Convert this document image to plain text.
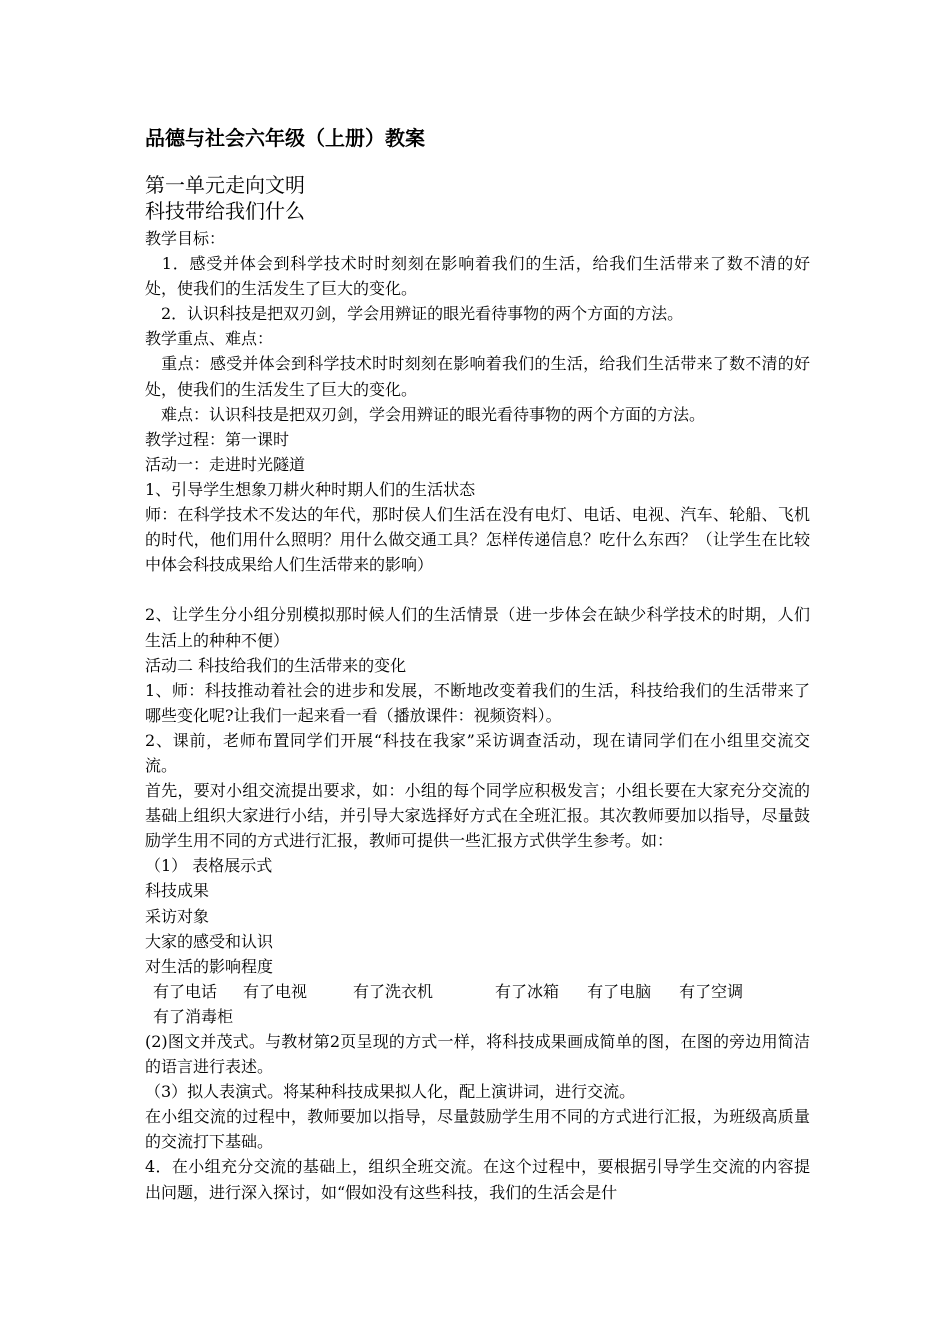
品德与社会六年级（上册）教案
第一单元走向文明
科技带给我们什么

教学目标：

　1．感受并体会到科学技术时时刻刻在影响着我们的生活，给我们生活带来了数不清的好处，使我们的生活发生了巨大的变化。

　2．认识科技是把双刃剑，学会用辨证的眼光看待事物的两个方面的方法。

教学重点、难点：

　重点：感受并体会到科学技术时时刻刻在影响着我们的生活，给我们生活带来了数不清的好处，使我们的生活发生了巨大的变化。

　难点：认识科技是把双刃剑，学会用辨证的眼光看待事物的两个方面的方法。

教学过程：第一课时

活动一：走进时光隧道

1、引导学生想象刀耕火种时期人们的生活状态

师：在科学技术不发达的年代，那时侯人们生活在没有电灯、电话、电视、汽车、轮船、飞机的时代，他们用什么照明？用什么做交通工具？怎样传递信息？吃什么东西？（让学生在比较中体会科技成果给人们生活带来的影响）

2、让学生分小组分别模拟那时候人们的生活情景（进一步体会在缺少科学技术的时期，人们生活上的种种不便）

活动二 科技给我们的生活带来的变化

1、师：科技推动着社会的进步和发展，不断地改变着我们的生活，科技给我们的生活带来了哪些变化呢?让我们一起来看一看（播放课件：视频资料）。

2、课前，老师布置同学们开展“科技在我家”采访调查活动，现在请同学们在小组里交流交流。

首先，要对小组交流提出要求，如：小组的每个同学应积极发言；小组长要在大家充分交流的基础上组织大家进行小结，并引导大家选择好方式在全班汇报。其次教师要加以指导，尽量鼓励学生用不同的方式进行汇报，教师可提供一些汇报方式供学生参考。如：

（1） 表格展示式

科技成果

采访对象

大家的感受和认识

对生活的影响程度

有了电话	有了电视	有了洗衣机	有了冰箱	有了电脑	有了空调
有了消毒柜

(2)图文并茂式。与教材第2页呈现的方式一样，将科技成果画成简单的图，在图的旁边用简洁的语言进行表述。

（3）拟人表演式。将某种科技成果拟人化，配上演讲词，进行交流。

在小组交流的过程中，教师要加以指导，尽量鼓励学生用不同的方式进行汇报，为班级高质量的交流打下基础。

4．在小组充分交流的基础上，组织全班交流。在这个过程中，要根据引导学生交流的内容提出问题，进行深入探讨，如“假如没有这些科技，我们的生活会是什
